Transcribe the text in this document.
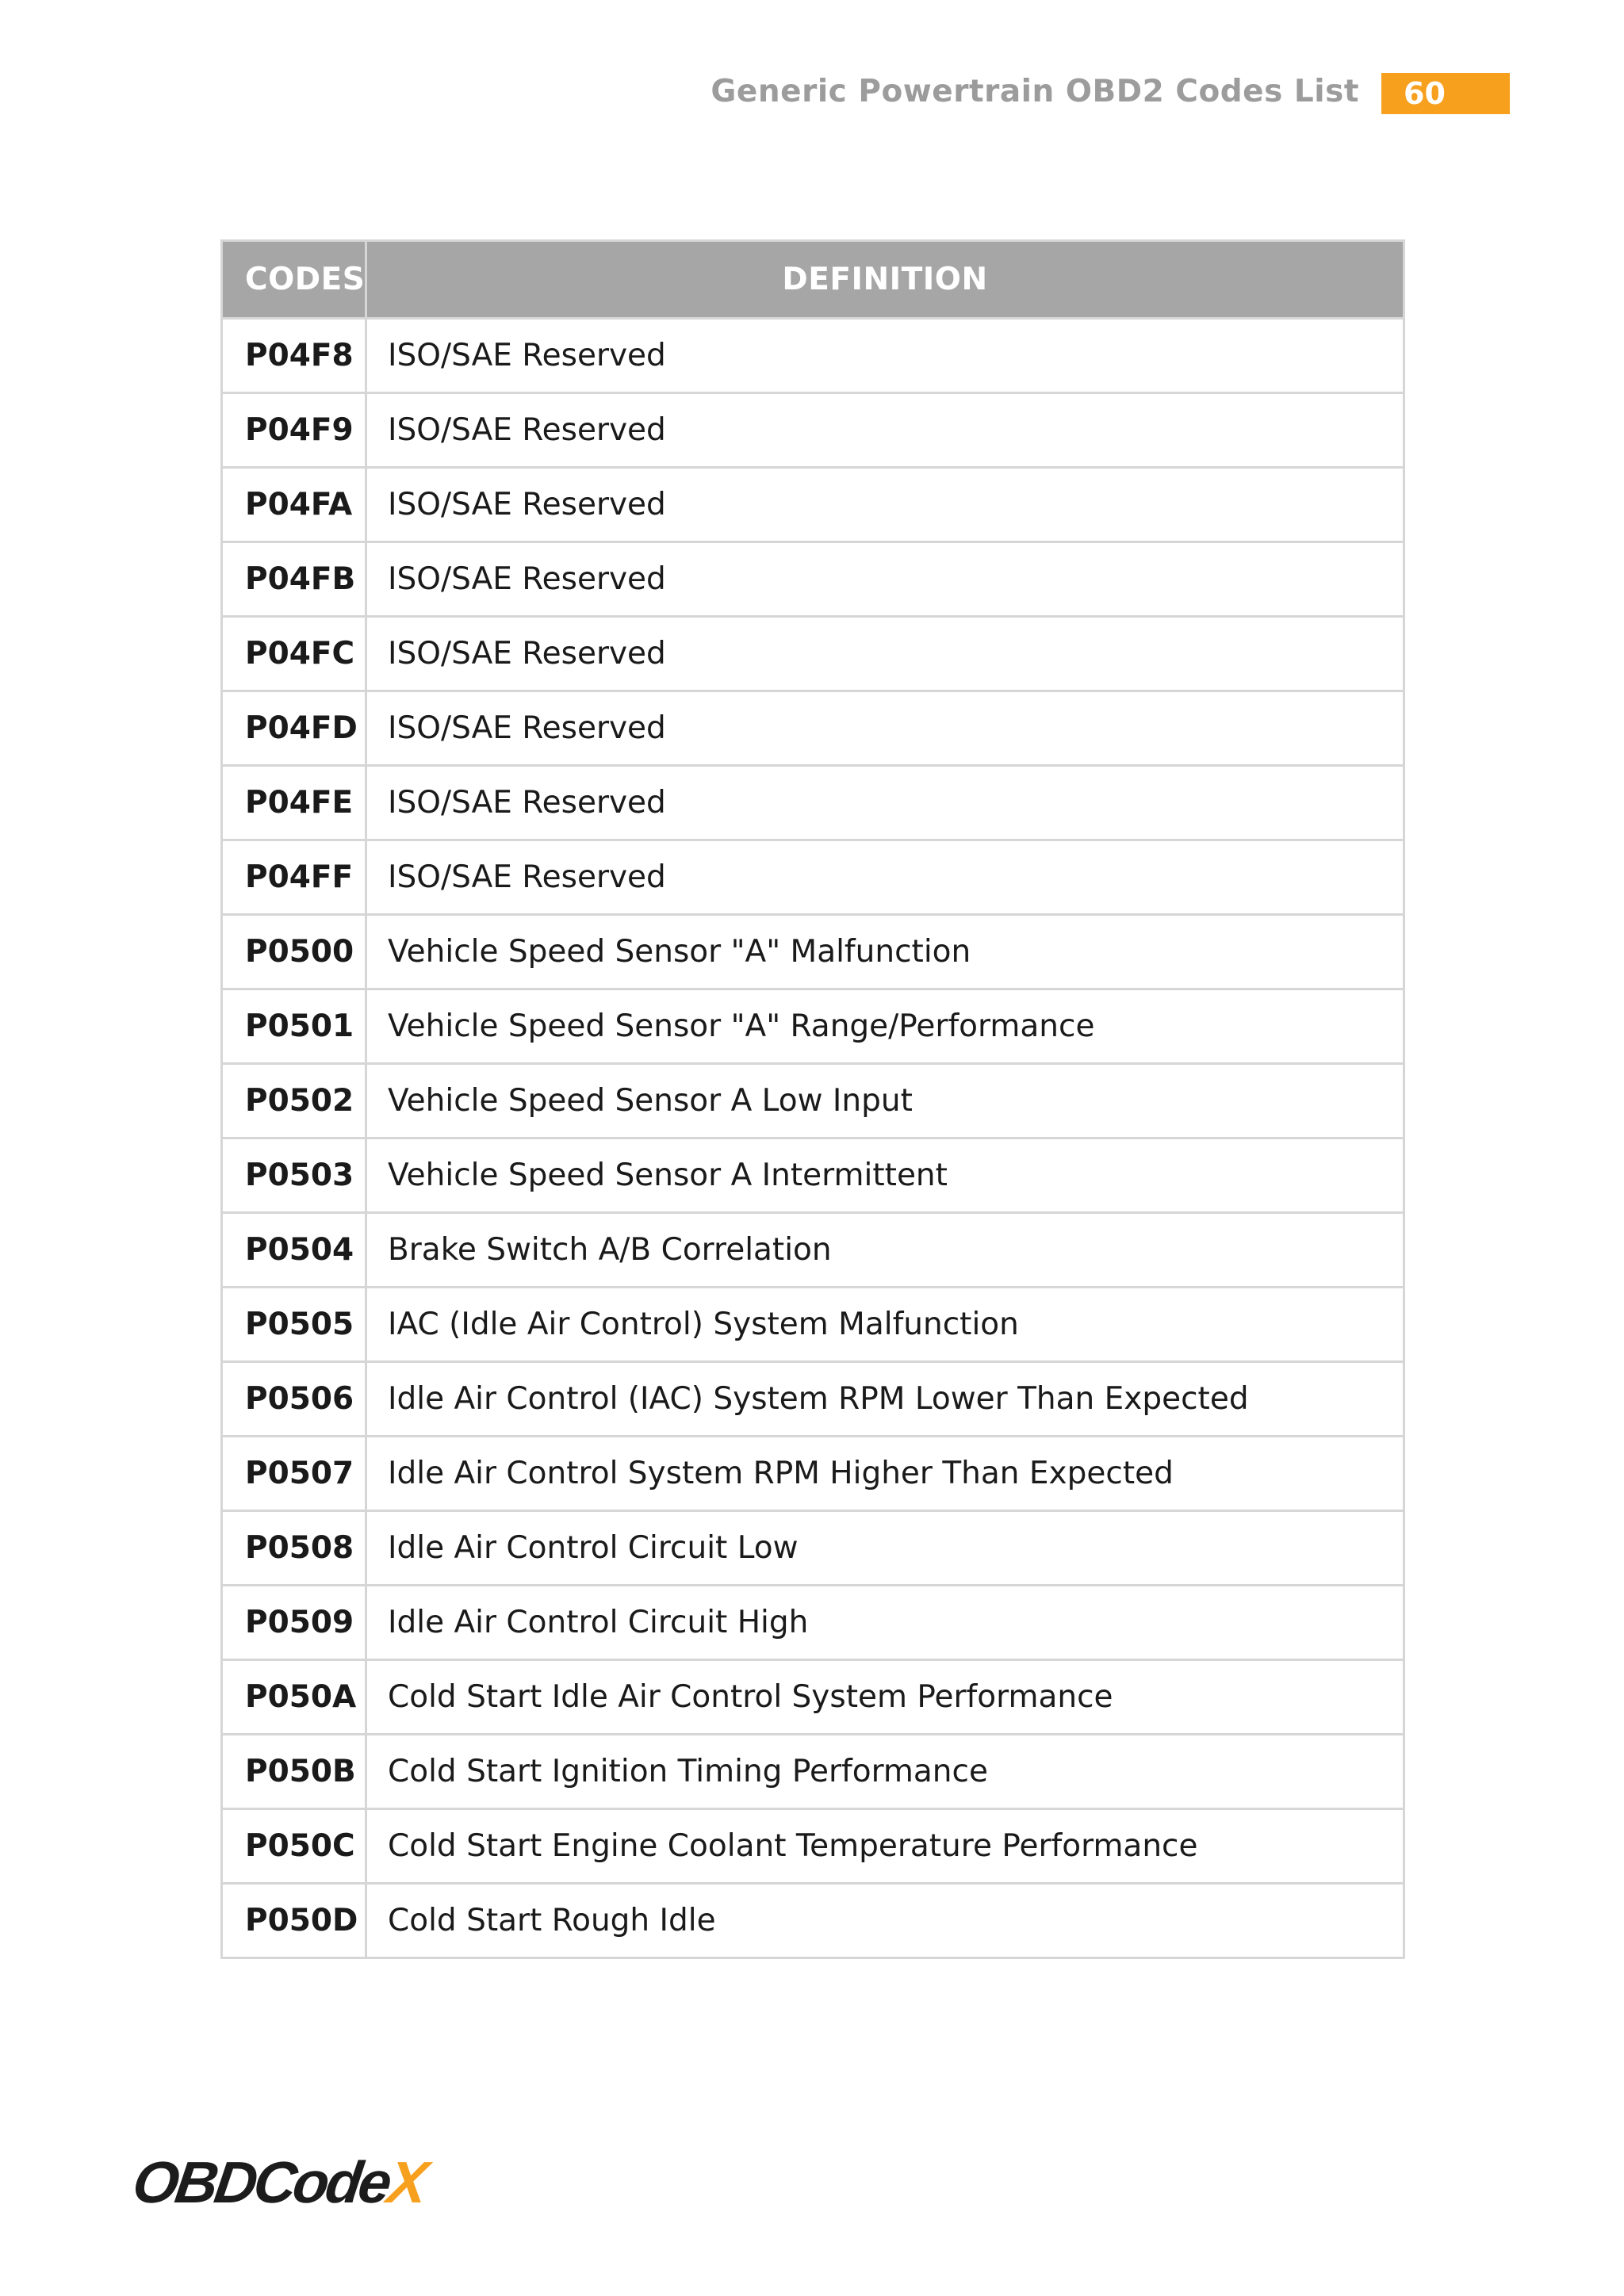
Generic Powertrain OBD2 Codes List	60
CODES	DEFINITION
P04F8	ISO/SAE Reserved
P04F9	ISO/SAE Reserved
P04FA	ISO/SAE Reserved
P04FB	ISO/SAE Reserved
P04FC	ISO/SAE Reserved
P04FD	ISO/SAE Reserved
P04FE	ISO/SAE Reserved
P04FF	ISO/SAE Reserved
P0500	Vehicle Speed Sensor "A" Malfunction
P0501	Vehicle Speed Sensor "A" Range/Performance
P0502	Vehicle Speed Sensor A Low Input
P0503	Vehicle Speed Sensor A Intermittent
P0504	Brake Switch A/B Correlation
P0505	IAC (Idle Air Control) System Malfunction
P0506	Idle Air Control (IAC) System RPM Lower Than Expected
P0507	Idle Air Control System RPM Higher Than Expected
P0508	Idle Air Control Circuit Low
P0509	Idle Air Control Circuit High
P050A	Cold Start Idle Air Control System Performance
P050B	Cold Start Ignition Timing Performance
P050C	Cold Start Engine Coolant Temperature Performance
P050D	Cold Start Rough Idle
OBDCodeX
